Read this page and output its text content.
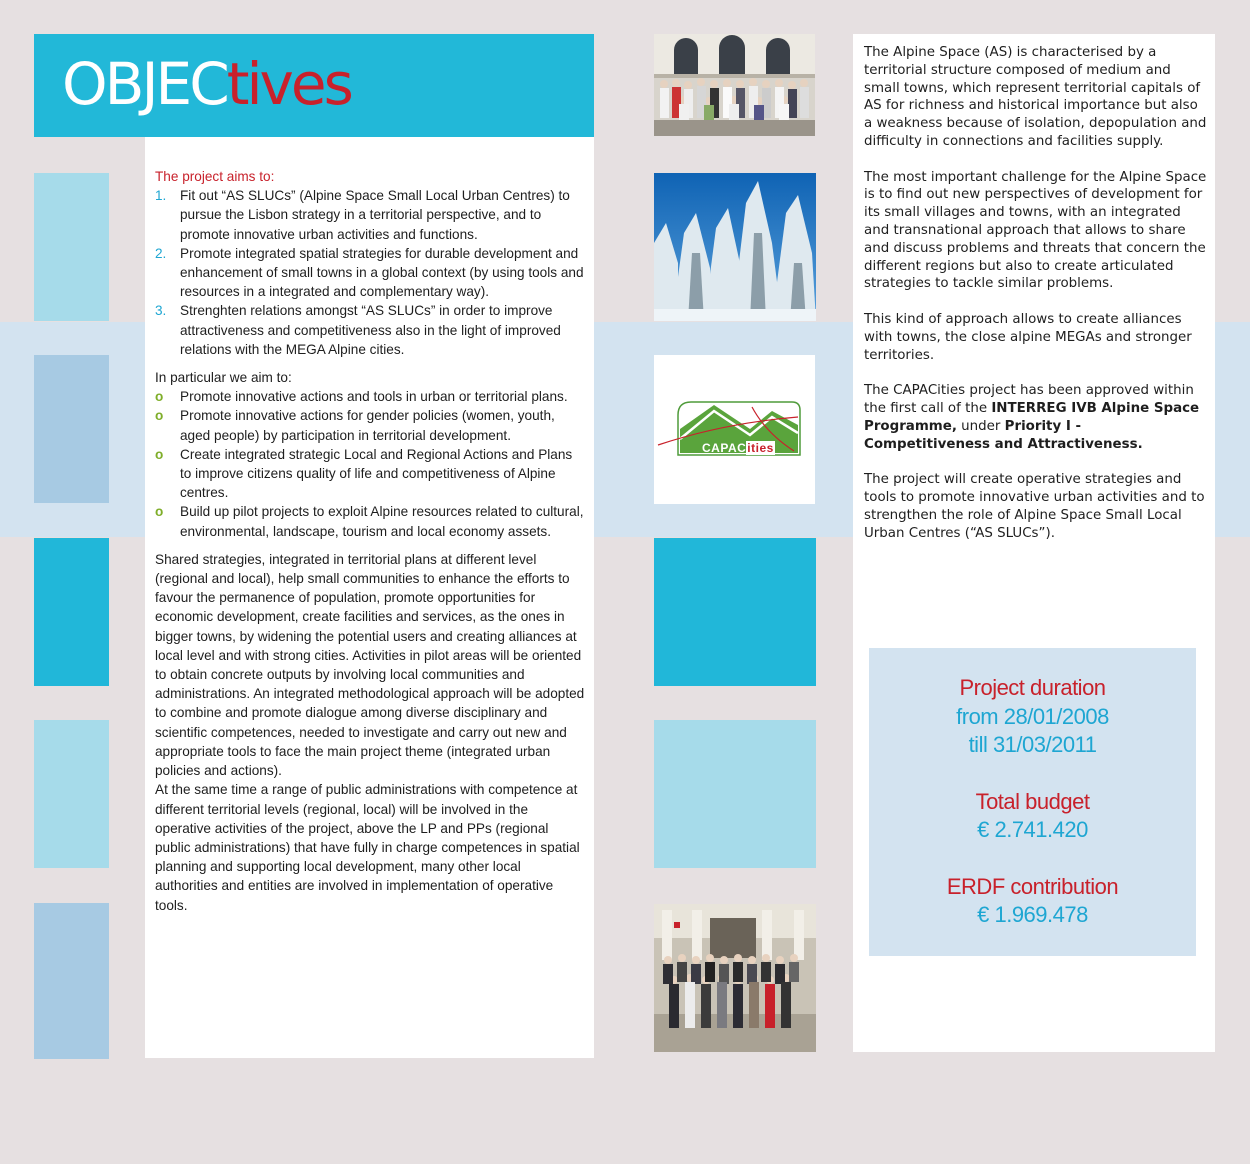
OBJECtives

The project aims to:

1. Fit out “AS SLUCs” (Alpine Space Small Local Urban Centres) to pursue the Lisbon strategy in a territorial perspective, and to promote innovative urban activities and functions.
2. Promote integrated spatial strategies for durable development and enhancement of small towns in a global context (by using tools and resources in a integrated and complementary way).
3. Strenghten relations amongst “AS SLUCs” in order to improve attractiveness and competitiveness also in the light of improved relations with the MEGA Alpine cities.

In particular we aim to:

o Promote innovative actions and tools in urban or territorial plans.
o Promote innovative actions for gender policies (women, youth, aged people) by participation in territorial development.
o Create integrated strategic Local and Regional Actions and Plans to improve citizens quality of life and competitiveness of Alpine centres.
o Build up pilot projects to exploit Alpine resources related to cultural, environmental, landscape, tourism and local economy assets.

Shared strategies, integrated in territorial plans at different level (regional and local), help small communities to enhance the efforts to favour the permanence of population, promote opportunities for economic development, create facilities and services, as the ones in bigger towns, by widening the potential users and creating alliances at local level and with strong cities. Activities in pilot areas will be oriented to obtain concrete outputs by involving local communities and administrations. An integrated methodological approach will be adopted to combine and promote dialogue among diverse disciplinary and scientific competences, needed to investigate and carry out new and appropriate tools to face the main project theme (integrated urban policies and actions).

At the same time a range of public administrations with competence at different territorial levels (regional, local) will be involved in the operative activities of the project, above the LP and PPs (regional public administrations) that have fully in charge competences in spatial planning and supporting local development, many other local authorities and entities are involved in implementation of operative tools.

CAPACities

The Alpine Space (AS) is characterised by a territorial structure composed of medium and small towns, which represent territorial capitals of AS for richness and historical importance but also a weakness because of isolation, depopulation and difficulty in connections and facilities supply.

The most important challenge for the Alpine Space is to find out new perspectives of development for its small villages and towns, with an integrated and transnational approach that allows to share and discuss problems and threats that concern the different regions but also to create articulated strategies to tackle similar problems.

This kind of approach allows to create alliances with towns, the close alpine MEGAs and stronger territories.

The CAPACities project has been approved within the first call of the INTERREG IVB Alpine Space Programme, under Priority I - Competitiveness and Attractiveness.

The project will create operative strategies and tools to promote innovative urban activities and to strengthen the role of Alpine Space Small Local Urban Centres (“AS SLUCs”).

Project duration
from 28/01/2008
till 31/03/2011
Total budget
€ 2.741.420
ERDF contribution
€ 1.969.478
